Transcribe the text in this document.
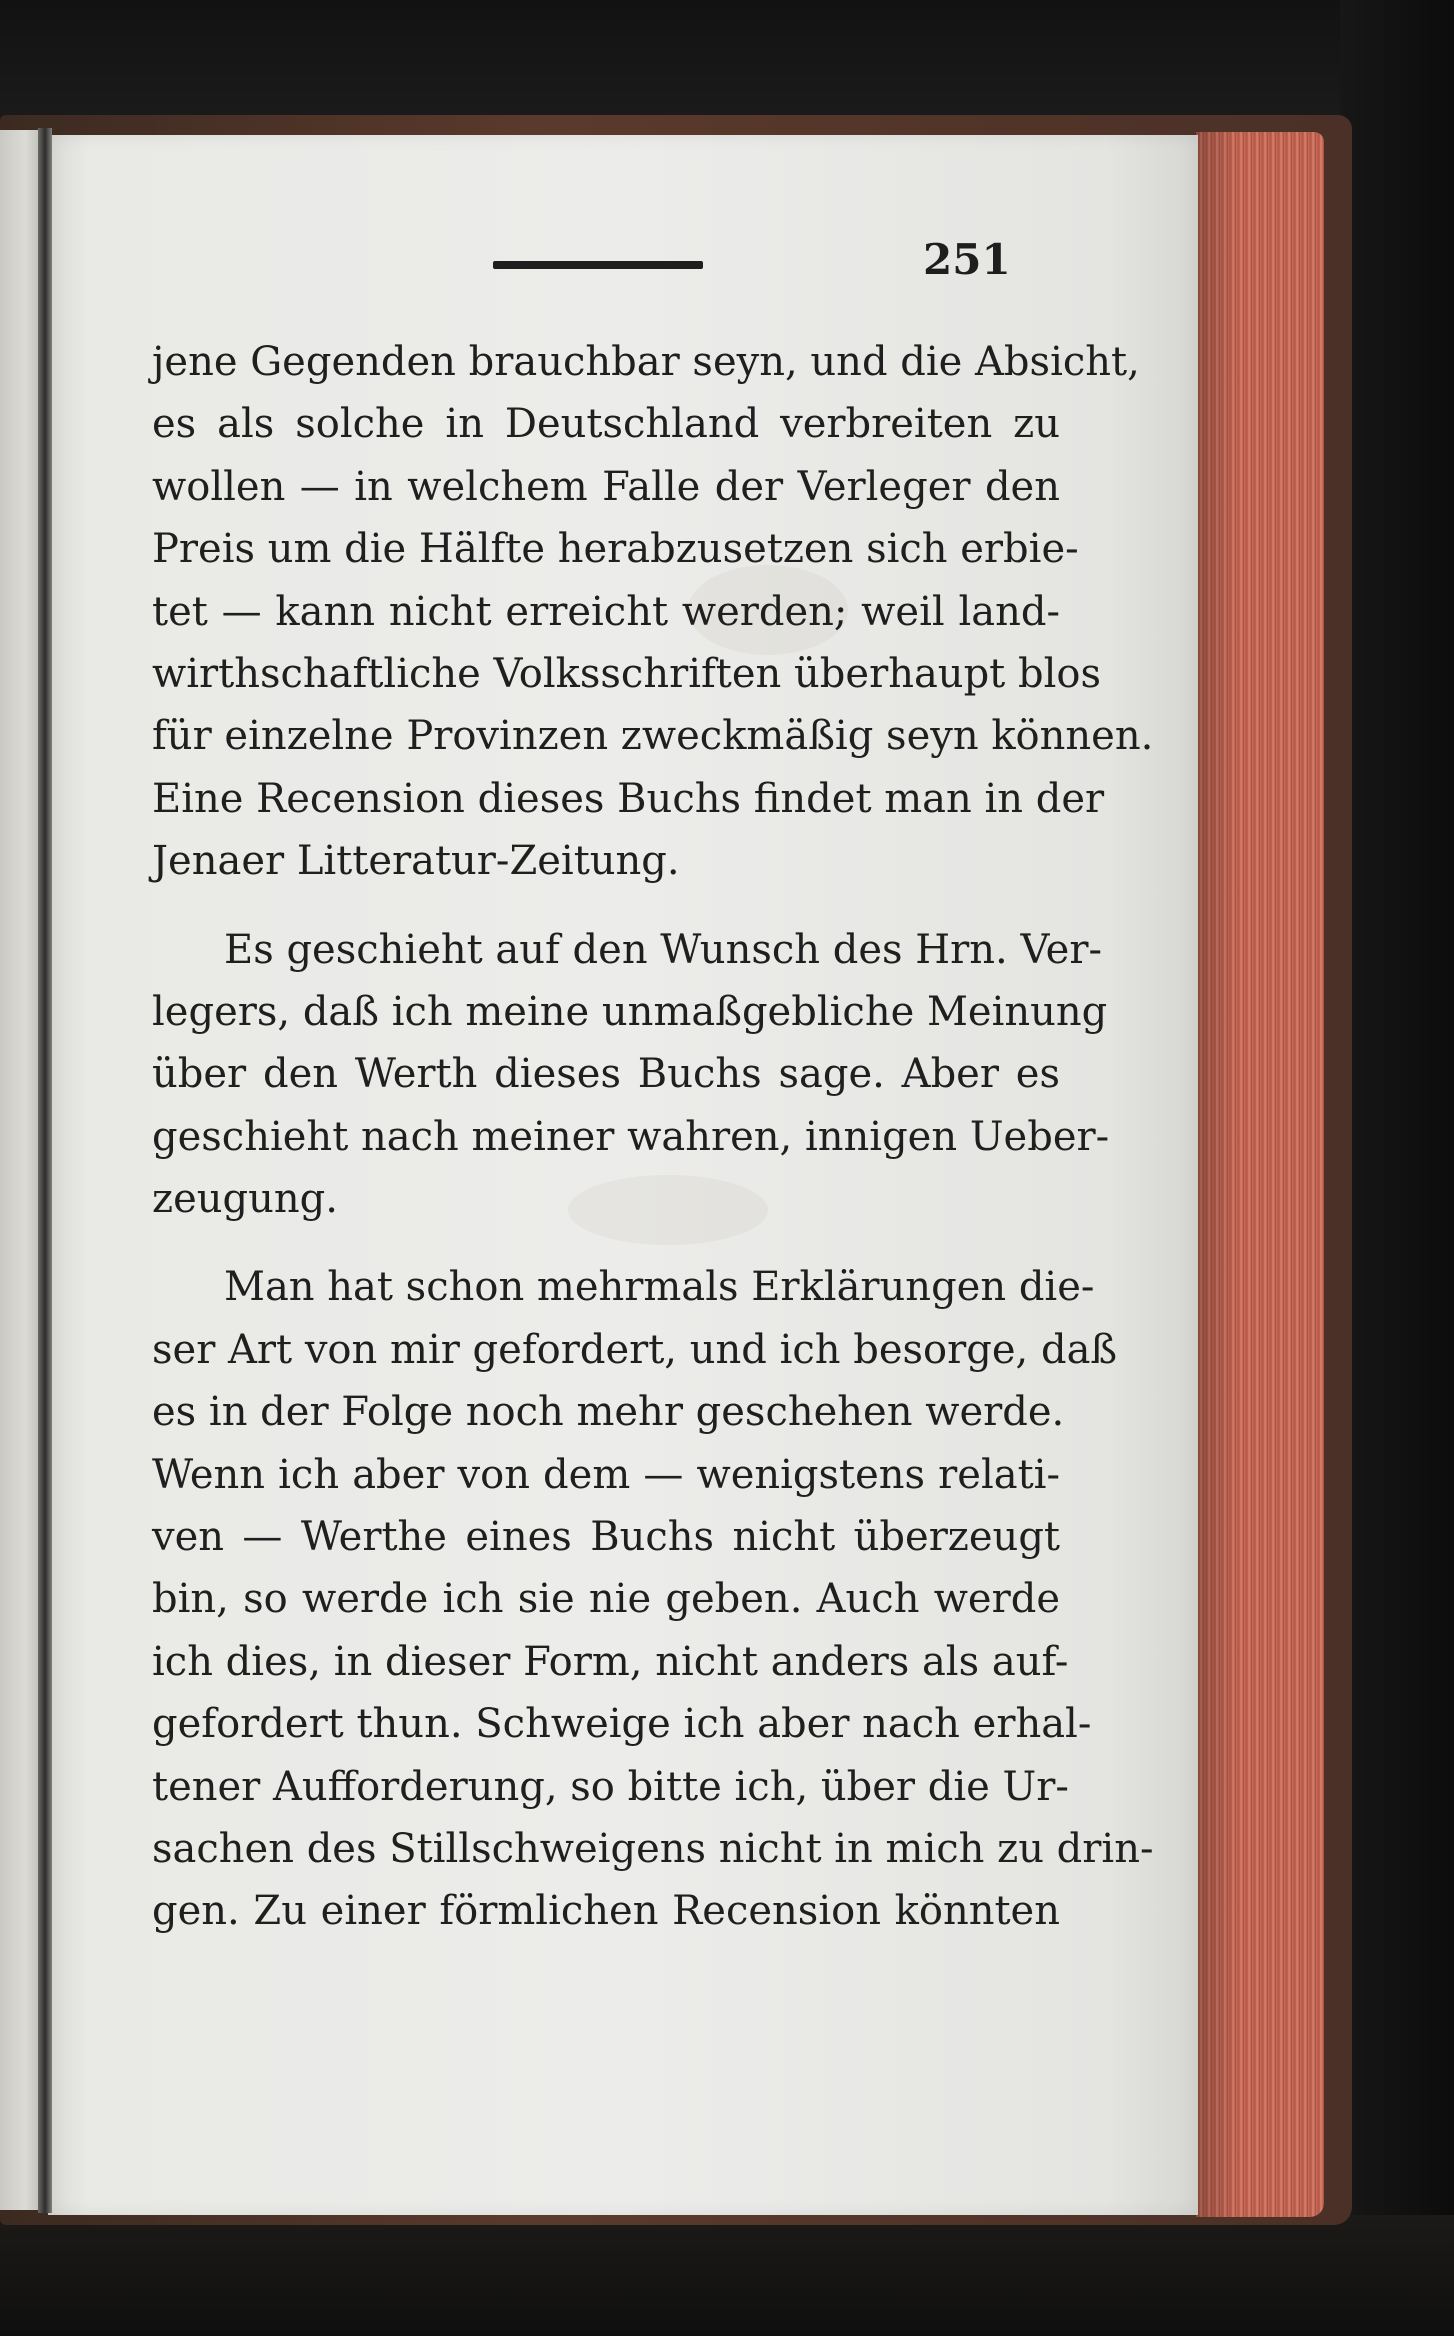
251
jene Gegenden brauchbar seyn, und die Absicht,
es als solche in Deutschland verbreiten zu
wollen — in welchem Falle der Verleger den
Preis um die Hälfte herabzusetzen sich erbie-
tet — kann nicht erreicht werden; weil land-
wirthschaftliche Volksschriften überhaupt blos
für einzelne Provinzen zweckmäßig seyn können.
Eine Recension dieses Buchs findet man in der
Jenaer Litteratur-Zeitung.
Es geschieht auf den Wunsch des Hrn. Ver-
legers, daß ich meine unmaßgebliche Meinung
über den Werth dieses Buchs sage. Aber es
geschieht nach meiner wahren, innigen Ueber-
zeugung.
Man hat schon mehrmals Erklärungen die-
ser Art von mir gefordert, und ich besorge, daß
es in der Folge noch mehr geschehen werde.
Wenn ich aber von dem — wenigstens relati-
ven — Werthe eines Buchs nicht überzeugt
bin, so werde ich sie nie geben. Auch werde
ich dies, in dieser Form, nicht anders als auf-
gefordert thun. Schweige ich aber nach erhal-
tener Aufforderung, so bitte ich, über die Ur-
sachen des Stillschweigens nicht in mich zu drin-
gen. Zu einer förmlichen Recension könnten
